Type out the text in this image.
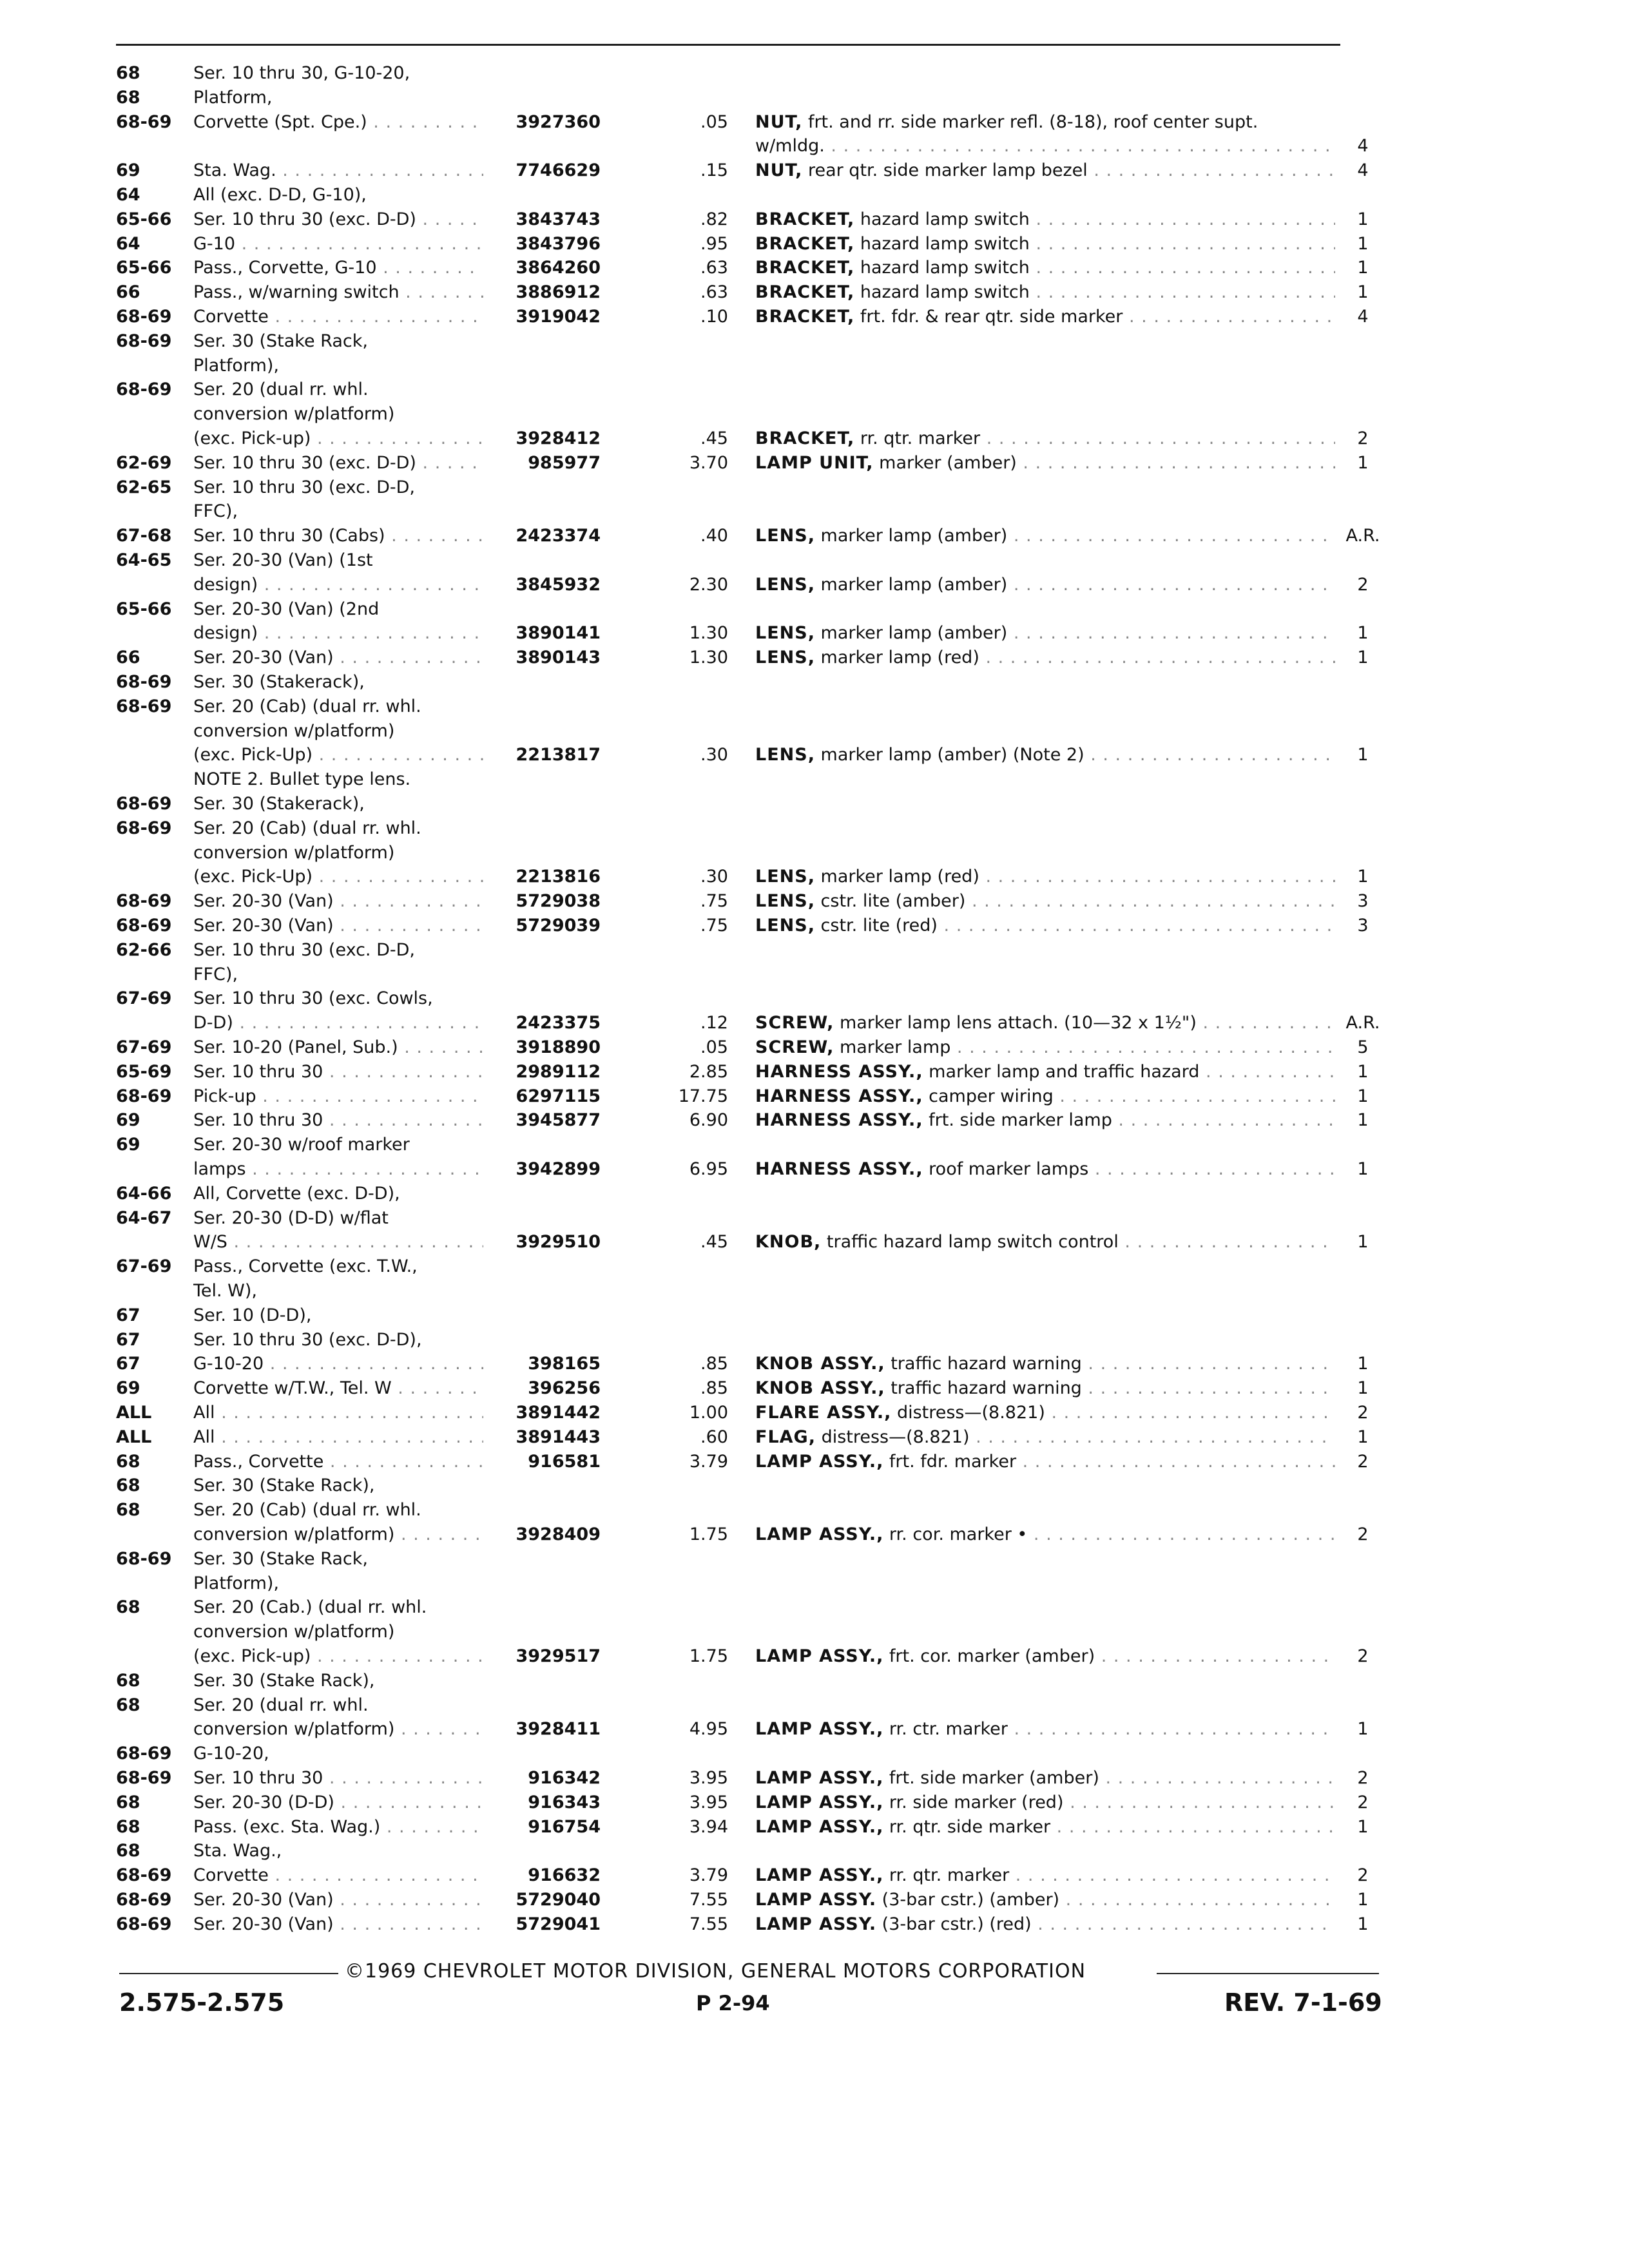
68	Ser. 10 thru 30, G-10-20,
68	Platform,
68-69 Corvette (Spt. Cpe.) . . .	3927360	.05 NUT, frt. and rr. side marker refl. (8-18), roof center supt.
w/mldg. . . .	4
69	Sta. Wag. . . .	7746629	.15 NUT, rear qtr. side marker lamp bezel . . .	4
64	All (exc. D-D, G-10),
65-66 Ser. 10 thru 30 (exc. D-D) . . .	3843743	.82 BRACKET, hazard lamp switch . . .	1
64	G-10 . . .	3843796	.95 BRACKET, hazard lamp switch . . .	1
65-66 Pass., Corvette, G-10 . . .	3864260	.63 BRACKET, hazard lamp switch . . .	1
66	Pass., w/warning switch . . .	3886912	.63 BRACKET, hazard lamp switch . . .	1
68-69 Corvette . . .	3919042	.10 BRACKET, frt. fdr. & rear qtr. side marker . . .	4
68-69 Ser. 30 (Stake Rack,
Platform),
68-69 Ser. 20 (dual rr. whl.
conversion w/platform)
(exc. Pick-up) . . .	3928412	.45 BRACKET, rr. qtr. marker . . .	2
62-69 Ser. 10 thru 30 (exc. D-D) . . .	985977	3.70 LAMP UNIT, marker (amber) . . .	1
62-65 Ser. 10 thru 30 (exc. D-D,
FFC),
67-68 Ser. 10 thru 30 (Cabs) . . .	2423374	.40 LENS, marker lamp (amber) . . .	A.R.
64-65 Ser. 20-30 (Van) (1st
design) . . .	3845932	2.30 LENS, marker lamp (amber) . . .	2
65-66 Ser. 20-30 (Van) (2nd
design) . . .	3890141	1.30 LENS, marker lamp (amber) . . .	1
66	Ser. 20-30 (Van) . . .	3890143	1.30 LENS, marker lamp (red) . . .	1
68-69 Ser. 30 (Stakerack),
68-69 Ser. 20 (Cab) (dual rr. whl.
conversion w/platform)
(exc. Pick-Up) . . .	2213817	.30 LENS, marker lamp (amber) (Note 2) . . .	1
NOTE 2. Bullet type lens.
68-69 Ser. 30 (Stakerack),
68-69 Ser. 20 (Cab) (dual rr. whl.
conversion w/platform)
(exc. Pick-Up) . . .	2213816	.30 LENS, marker lamp (red) . . .	1
68-69 Ser. 20-30 (Van) . . .	5729038	.75 LENS, cstr. lite (amber) . . .	3
68-69 Ser. 20-30 (Van) . . .	5729039	.75 LENS, cstr. lite (red) . . .	3
62-66 Ser. 10 thru 30 (exc. D-D,
FFC),
67-69 Ser. 10 thru 30 (exc. Cowls,
D-D) . . .	2423375	.12 SCREW, marker lamp lens attach. (10—32 x 1½") . . .	A.R.
67-69 Ser. 10-20 (Panel, Sub.) . . .	3918890	.05 SCREW, marker lamp . . .	5
65-69 Ser. 10 thru 30 . . .	2989112	2.85 HARNESS ASSY., marker lamp and traffic hazard . . .	1
68-69 Pick-up . . .	6297115	17.75 HARNESS ASSY., camper wiring . . .	1
69	Ser. 10 thru 30 . . .	3945877	6.90 HARNESS ASSY., frt. side marker lamp . . .	1
69	Ser. 20-30 w/roof marker
lamps . . .	3942899	6.95 HARNESS ASSY., roof marker lamps . . .	1
64-66 All, Corvette (exc. D-D),
64-67 Ser. 20-30 (D-D) w/flat
W/S . . .	3929510	.45 KNOB, traffic hazard lamp switch control . . .	1
67-69 Pass., Corvette (exc. T.W.,
Tel. W),
67	Ser. 10 (D-D),
67	Ser. 10 thru 30 (exc. D-D),
67	G-10-20 . . .	398165	.85 KNOB ASSY., traffic hazard warning . . .	1
69	Corvette w/T.W., Tel. W . . .	396256	.85 KNOB ASSY., traffic hazard warning . . .	1
ALL All . . .	3891442	1.00 FLARE ASSY., distress—(8.821) . . .	2
ALL All . . .	3891443	.60 FLAG, distress—(8.821) . . .	1
68	Pass., Corvette . . .	916581	3.79 LAMP ASSY., frt. fdr. marker . . .	2
68	Ser. 30 (Stake Rack),
68	Ser. 20 (Cab) (dual rr. whl.
conversion w/platform) . . .	3928409	1.75 LAMP ASSY., rr. cor. marker • . . .	2
68-69 Ser. 30 (Stake Rack,
Platform),
68	Ser. 20 (Cab.) (dual rr. whl.
conversion w/platform)
(exc. Pick-up) . . .	3929517	1.75 LAMP ASSY., frt. cor. marker (amber) . . .	2
68	Ser. 30 (Stake Rack),
68	Ser. 20 (dual rr. whl.
conversion w/platform) . . .	3928411	4.95 LAMP ASSY., rr. ctr. marker . . .	1
68-69 G-10-20,
68-69 Ser. 10 thru 30 . . .	916342	3.95 LAMP ASSY., frt. side marker (amber) . . .	2
68	Ser. 20-30 (D-D) . . .	916343	3.95 LAMP ASSY., rr. side marker (red) . . .	2
68	Pass. (exc. Sta. Wag.) . . .	916754	3.94 LAMP ASSY., rr. qtr. side marker . . .	1
68	Sta. Wag.,
68-69 Corvette . . .	916632	3.79 LAMP ASSY., rr. qtr. marker . . .	2
68-69 Ser. 20-30 (Van) . . .	5729040	7.55 LAMP ASSY. (3-bar cstr.) (amber) . . .	1
68-69 Ser. 20-30 (Van) . . .	5729041	7.55 LAMP ASSY. (3-bar cstr.) (red) . . .	1
©1969 CHEVROLET MOTOR DIVISION, GENERAL MOTORS CORPORATION
2.575-2.575	P 2-94	REV. 7-1-69
